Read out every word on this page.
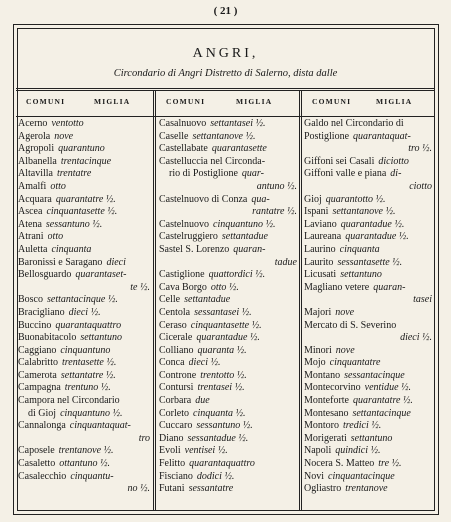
( 21 )
ANGRI,
Circondario di Angri Distretto di Salerno, dista dalle
COMUNI	MIGLIA	COMUNI	MIGLIA	COMUNI	MIGLIA
Acerno ventotto
Agerola nove
Agropoli quarantuno
Albanella trentacinque
Altavilla trentatre
Amalfi otto
Acquara quarantatre ½.
Ascea cinquantasette ½.
Atena sessantuno ½.
Atrani otto
Auletta cinquanta
Baronissi e Saragano dieci
Bellosguardo quarantaset-
te ½.
Bosco settantacinque ½.
Bracigliano dieci ½.
Buccino quarantaquattro
Buonabitacolo settantuno
Caggiano cinquantuno
Calabritto trentasette ½.
Camerota settantatre ½.
Campagna trentuno ½.
Campora nel Circondario
di Gioj cinquantuno ½.
Cannalonga cinquantaquat-
tro
Caposele trentanove ½.
Casaletto ottantuno ½.
Casalecchio cinquantu-
no ½.
Casalnuovo settantasei ½.
Caselle settantanove ½.
Castellabate quarantasette
Castelluccia nel Circonda-
rio di Postiglione quar-
antuno ½.
Castelnuovo di Conza qua-
rantatre ½.
Castelnuovo cinquantuno ½.
Castelruggiero settantadue
Sastel S. Lorenzo quaran-
tadue
Castiglione quattordici ½.
Cava Borgo otto ½.
Celle settantadue
Centola sessantasei ½.
Ceraso cinquantasette ½.
Cicerale quarantadue ½.
Colliano quaranta ½.
Conca dieci ½.
Controne trentotto ½.
Contursi trentasei ½.
Corbara due
Corleto cinquanta ½.
Cuccaro sessantuno ½.
Diano sessantadue ½.
Evoli ventisei ½.
Felitto quarantaquattro
Fisciano dodici ½.
Futani sessantatre
Galdo nel Circondario di
Postiglione quarantaquat-
tro ½.
Giffoni sei Casali diciotto
Giffoni valle e piana di-
ciotto
Gioj quarantotto ½.
Ispani settantanove ½.
Laviano quarantadue ½.
Laureana quarantadue ½.
Laurino cinquanta
Laurito sessantasette ½.
Licusati settantuno
Magliano vetere quaran-
tasei
Majori nove
Mercato di S. Severino
dieci ½.
Minori nove
Mojo cinquantatre
Montano sessantacinque
Montecorvino ventidue ½.
Monteforte quarantatre ½.
Montesano settantacinque
Montoro tredici ½.
Morigerati settantuno
Napoli quindici ½.
Nocera S. Matteo tre ½.
Novi cinquantacinque
Ogliastro trentanove
